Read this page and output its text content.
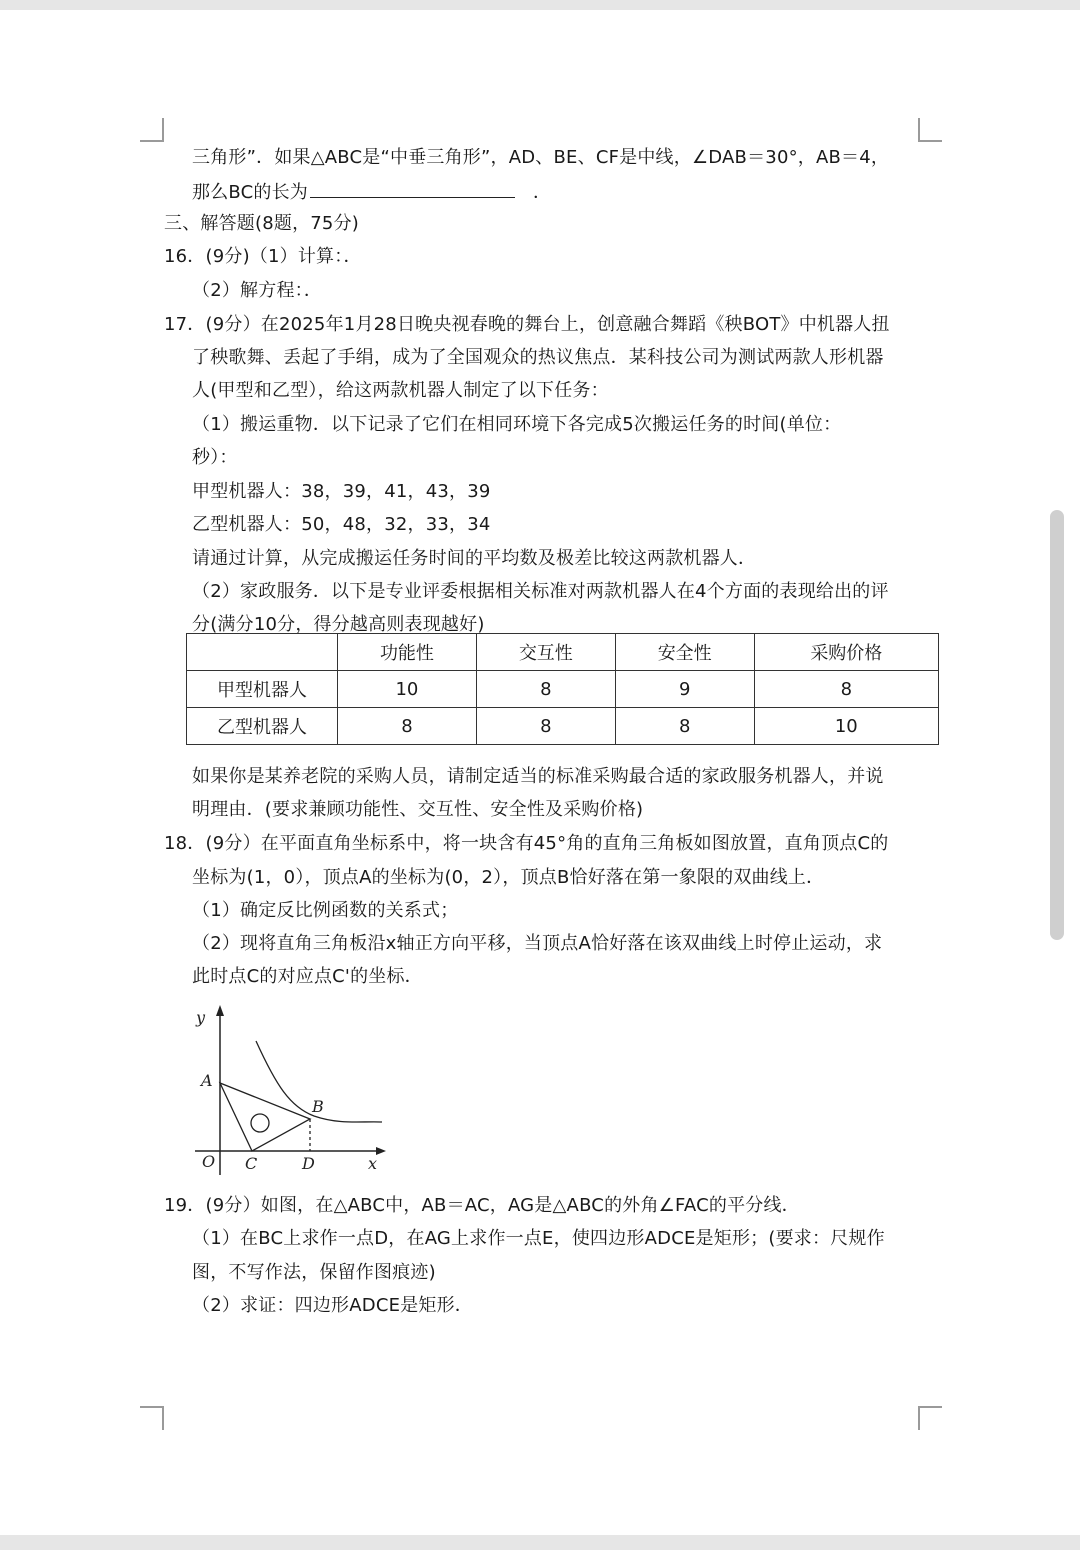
三角形”．如果△ABC是“中垂三角形”，AD、BE、CF是中线，∠DAB＝30°，AB＝4，
那么BC的长为	．
三、解答题(8题，75分)
16．(9分)（1）计算：．
（2）解方程：．
17．(9分）在2025年1月28日晚央视春晚的舞台上，创意融合舞蹈《秧BOT》中机器人扭
了秧歌舞、丢起了手绢，成为了全国观众的热议焦点．某科技公司为测试两款人形机器
人(甲型和乙型），给这两款机器人制定了以下任务：
（1）搬运重物．以下记录了它们在相同环境下各完成5次搬运任务的时间(单位：
秒）：
甲型机器人：38，39，41，43，39
乙型机器人：50，48，32，33，34
请通过计算，从完成搬运任务时间的平均数及极差比较这两款机器人．
（2）家政服务．以下是专业评委根据相关标准对两款机器人在4个方面的表现给出的评
分(满分10分，得分越高则表现越好)
	功能性	交互性	安全性	采购价格
甲型机器人	10	8	9	8
乙型机器人	8	8	8	10
如果你是某养老院的采购人员，请制定适当的标准采购最合适的家政服务机器人，并说
明理由．(要求兼顾功能性、交互性、安全性及采购价格)
18．(9分）在平面直角坐标系中，将一块含有45°角的直角三角板如图放置，直角顶点C的
坐标为(1，0），顶点A的坐标为(0，2），顶点B恰好落在第一象限的双曲线上．
（1）确定反比例函数的关系式；
（2）现将直角三角板沿x轴正方向平移，当顶点A恰好落在该双曲线上时停止运动，求
此时点C的对应点C'的坐标．
y
x
A
B
O C	D
19．(9分）如图，在△ABC中，AB＝AC，AG是△ABC的外角∠FAC的平分线．
（1）在BC上求作一点D，在AG上求作一点E，使四边形ADCE是矩形；(要求：尺规作
图，不写作法，保留作图痕迹)
（2）求证：四边形ADCE是矩形．
